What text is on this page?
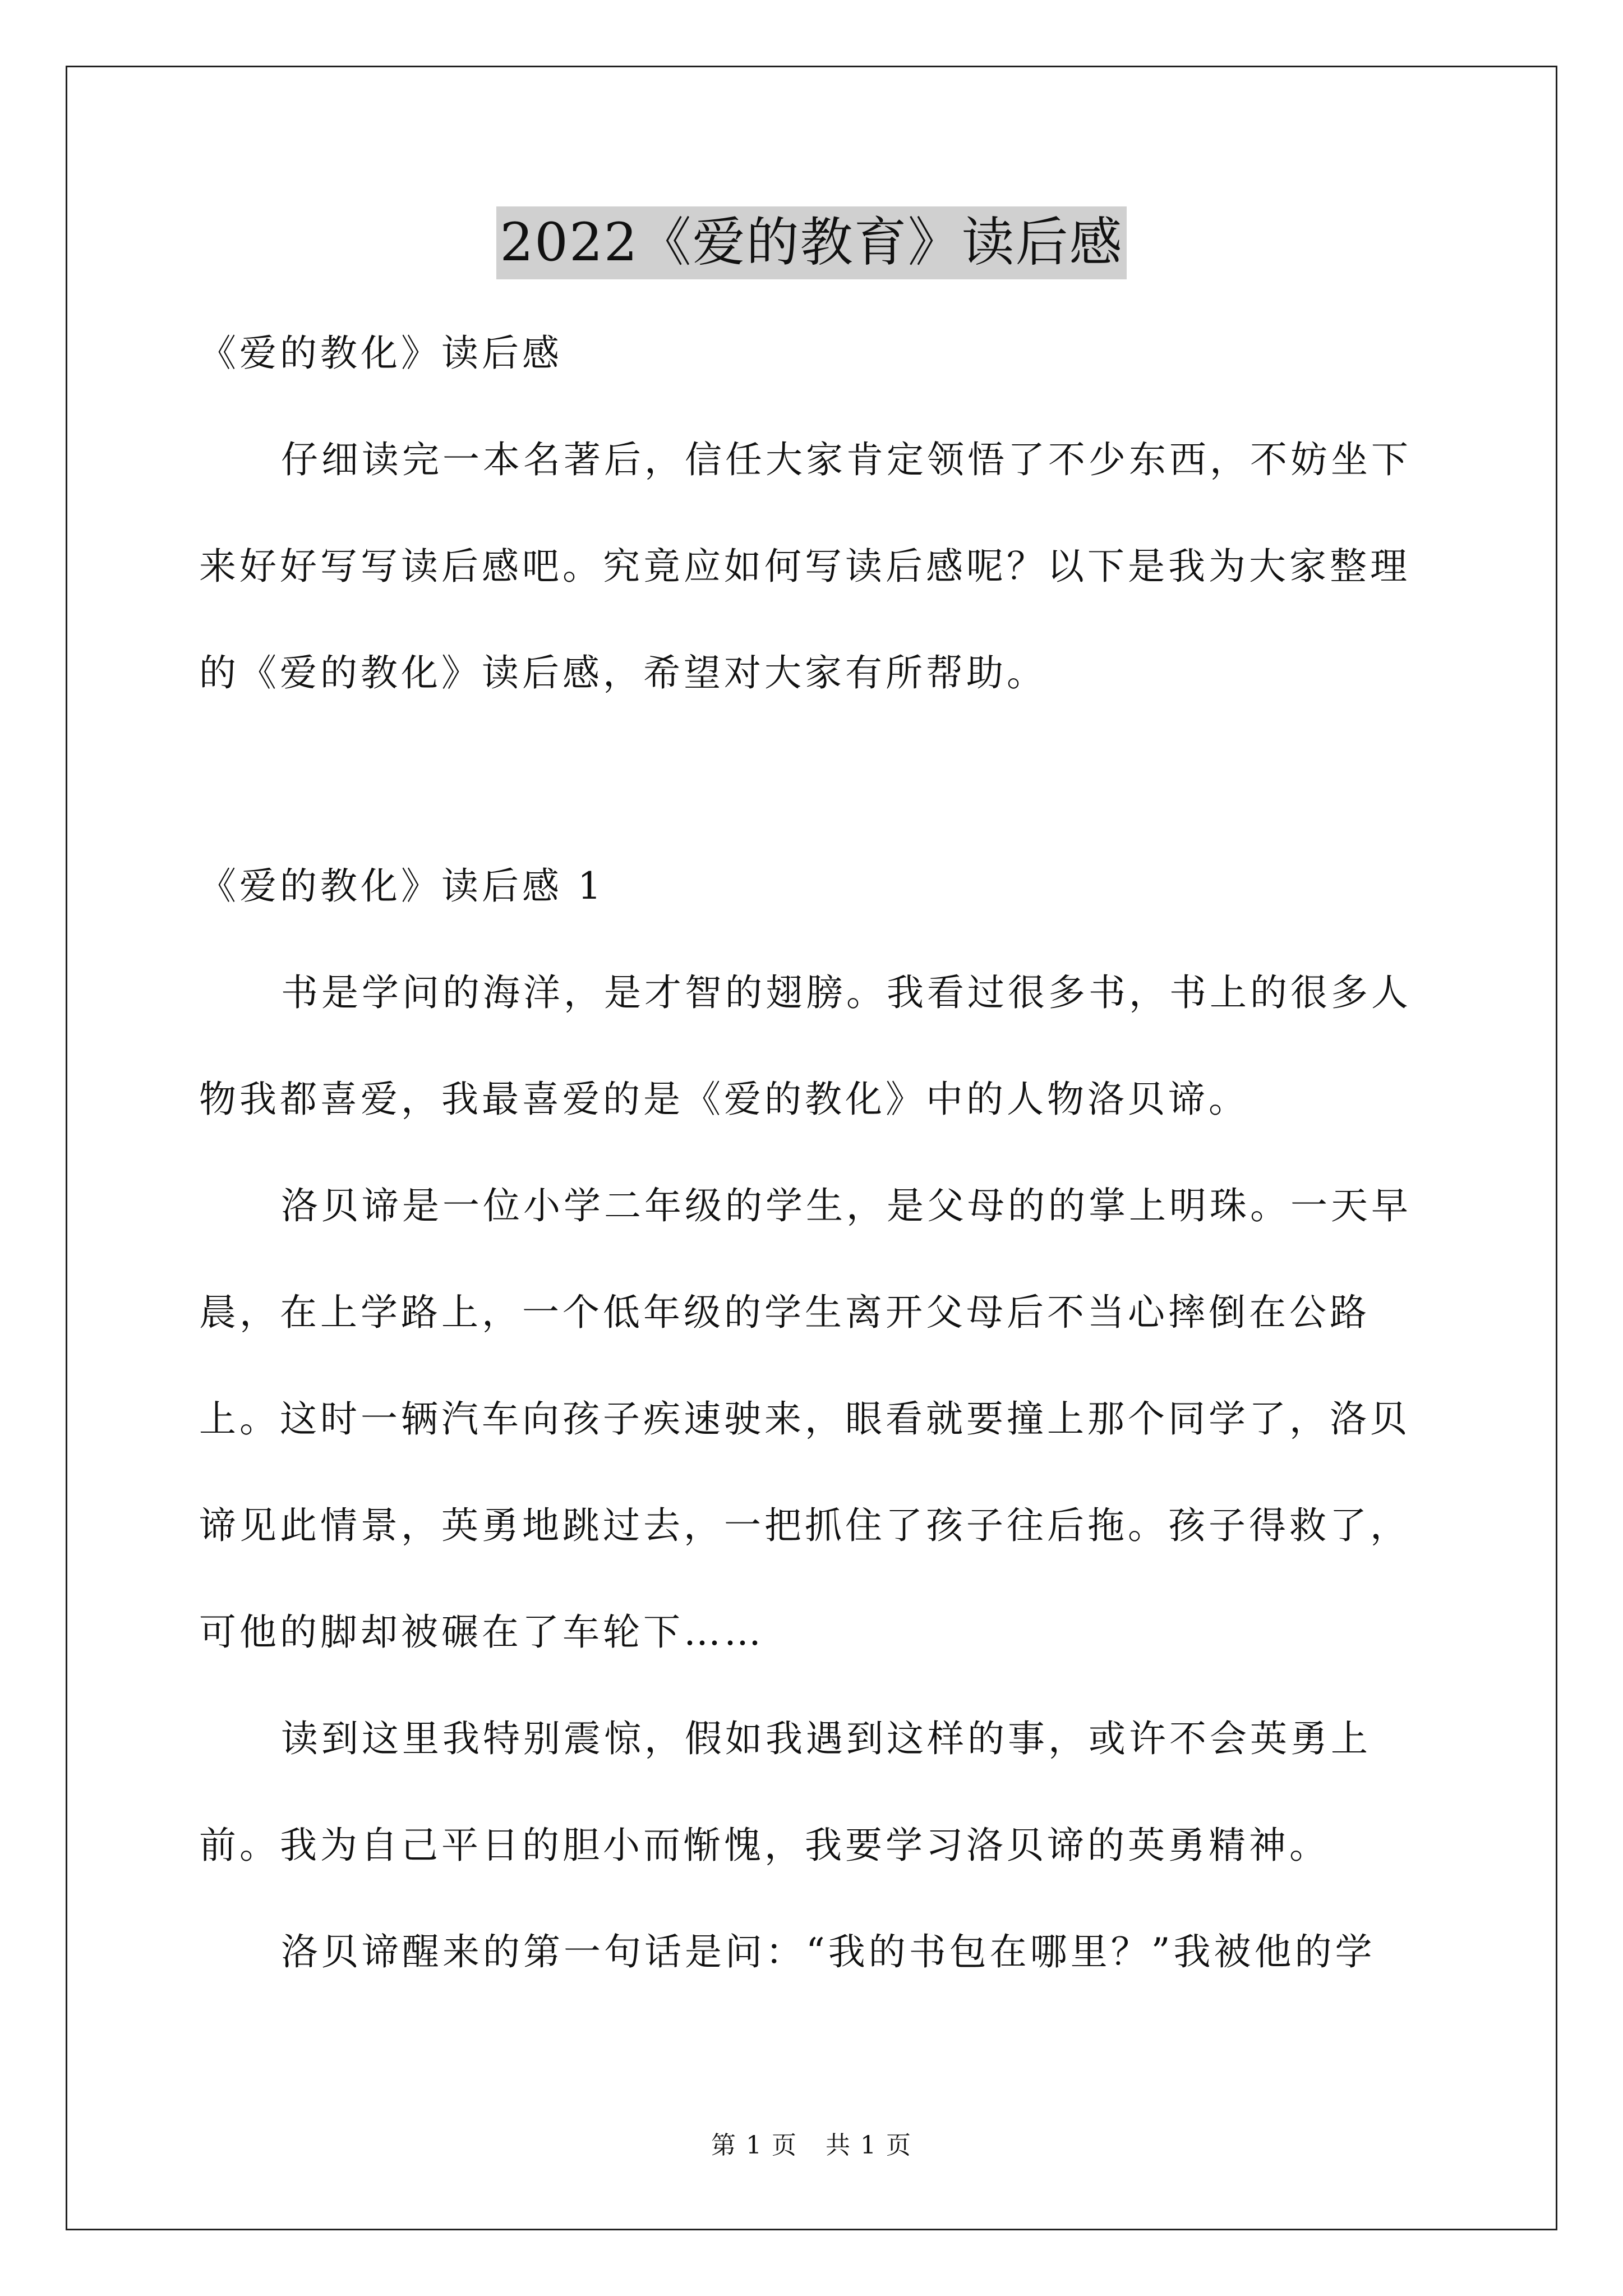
2022《爱的教育》读后感

《爱的教化》读后感

仔细读完一本名著后，信任大家肯定领悟了不少东西，不妨坐下来好好写写读后感吧。究竟应如何写读后感呢？以下是我为大家整理的《爱的教化》读后感，希望对大家有所帮助。

《爱的教化》读后感 1

书是学问的海洋，是才智的翅膀。我看过很多书，书上的很多人物我都喜爱，我最喜爱的是《爱的教化》中的人物洛贝谛。

洛贝谛是一位小学二年级的学生，是父母的的掌上明珠。一天早晨，在上学路上，一个低年级的学生离开父母后不当心摔倒在公路上。这时一辆汽车向孩子疾速驶来，眼看就要撞上那个同学了，洛贝谛见此情景，英勇地跳过去，一把抓住了孩子往后拖。孩子得救了，可他的脚却被碾在了车轮下……

读到这里我特别震惊，假如我遇到这样的事，或许不会英勇上前。我为自己平日的胆小而惭愧，我要学习洛贝谛的英勇精神。

洛贝谛醒来的第一句话是问：“我的书包在哪里？”我被他的学

第 1 页 共 1 页
